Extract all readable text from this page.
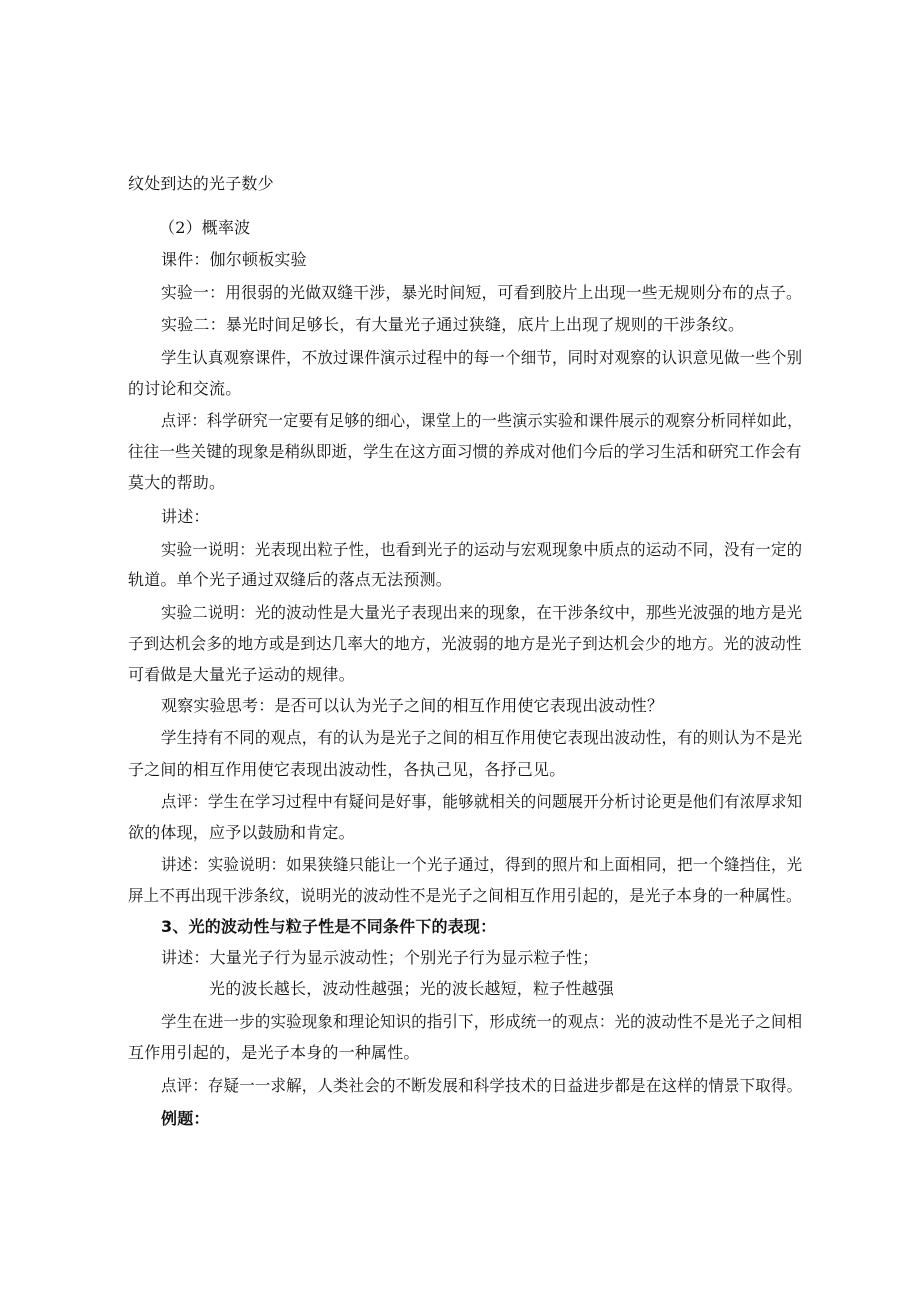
纹处到达的光子数少
（2）概率波
课件：伽尔顿板实验
实验一：用很弱的光做双缝干涉，暴光时间短，可看到胶片上出现一些无规则分布的点子。
实验二：暴光时间足够长，有大量光子通过狭缝，底片上出现了规则的干涉条纹。
学生认真观察课件，不放过课件演示过程中的每一个细节，同时对观察的认识意见做一些个别
的讨论和交流。
点评：科学研究一定要有足够的细心，课堂上的一些演示实验和课件展示的观察分析同样如此，
往往一些关键的现象是稍纵即逝，学生在这方面习惯的养成对他们今后的学习生活和研究工作会有
莫大的帮助。
讲述：
实验一说明：光表现出粒子性，也看到光子的运动与宏观现象中质点的运动不同，没有一定的
轨道。单个光子通过双缝后的落点无法预测。
实验二说明：光的波动性是大量光子表现出来的现象，在干涉条纹中，那些光波强的地方是光
子到达机会多的地方或是到达几率大的地方，光波弱的地方是光子到达机会少的地方。光的波动性
可看做是大量光子运动的规律。
观察实验思考：是否可以认为光子之间的相互作用使它表现出波动性？
学生持有不同的观点，有的认为是光子之间的相互作用使它表现出波动性，有的则认为不是光
子之间的相互作用使它表现出波动性，各执己见，各抒己见。
点评：学生在学习过程中有疑问是好事，能够就相关的问题展开分析讨论更是他们有浓厚求知
欲的体现，应予以鼓励和肯定。
讲述：实验说明：如果狭缝只能让一个光子通过，得到的照片和上面相同，把一个缝挡住，光
屏上不再出现干涉条纹，说明光的波动性不是光子之间相互作用引起的，是光子本身的一种属性。
3、光的波动性与粒子性是不同条件下的表现：
讲述：大量光子行为显示波动性；个别光子行为显示粒子性；
光的波长越长，波动性越强；光的波长越短，粒子性越强
学生在进一步的实验现象和理论知识的指引下，形成统一的观点：光的波动性不是光子之间相
互作用引起的，是光子本身的一种属性。
点评：存疑一一求解，人类社会的不断发展和科学技术的日益进步都是在这样的情景下取得。
例题：
